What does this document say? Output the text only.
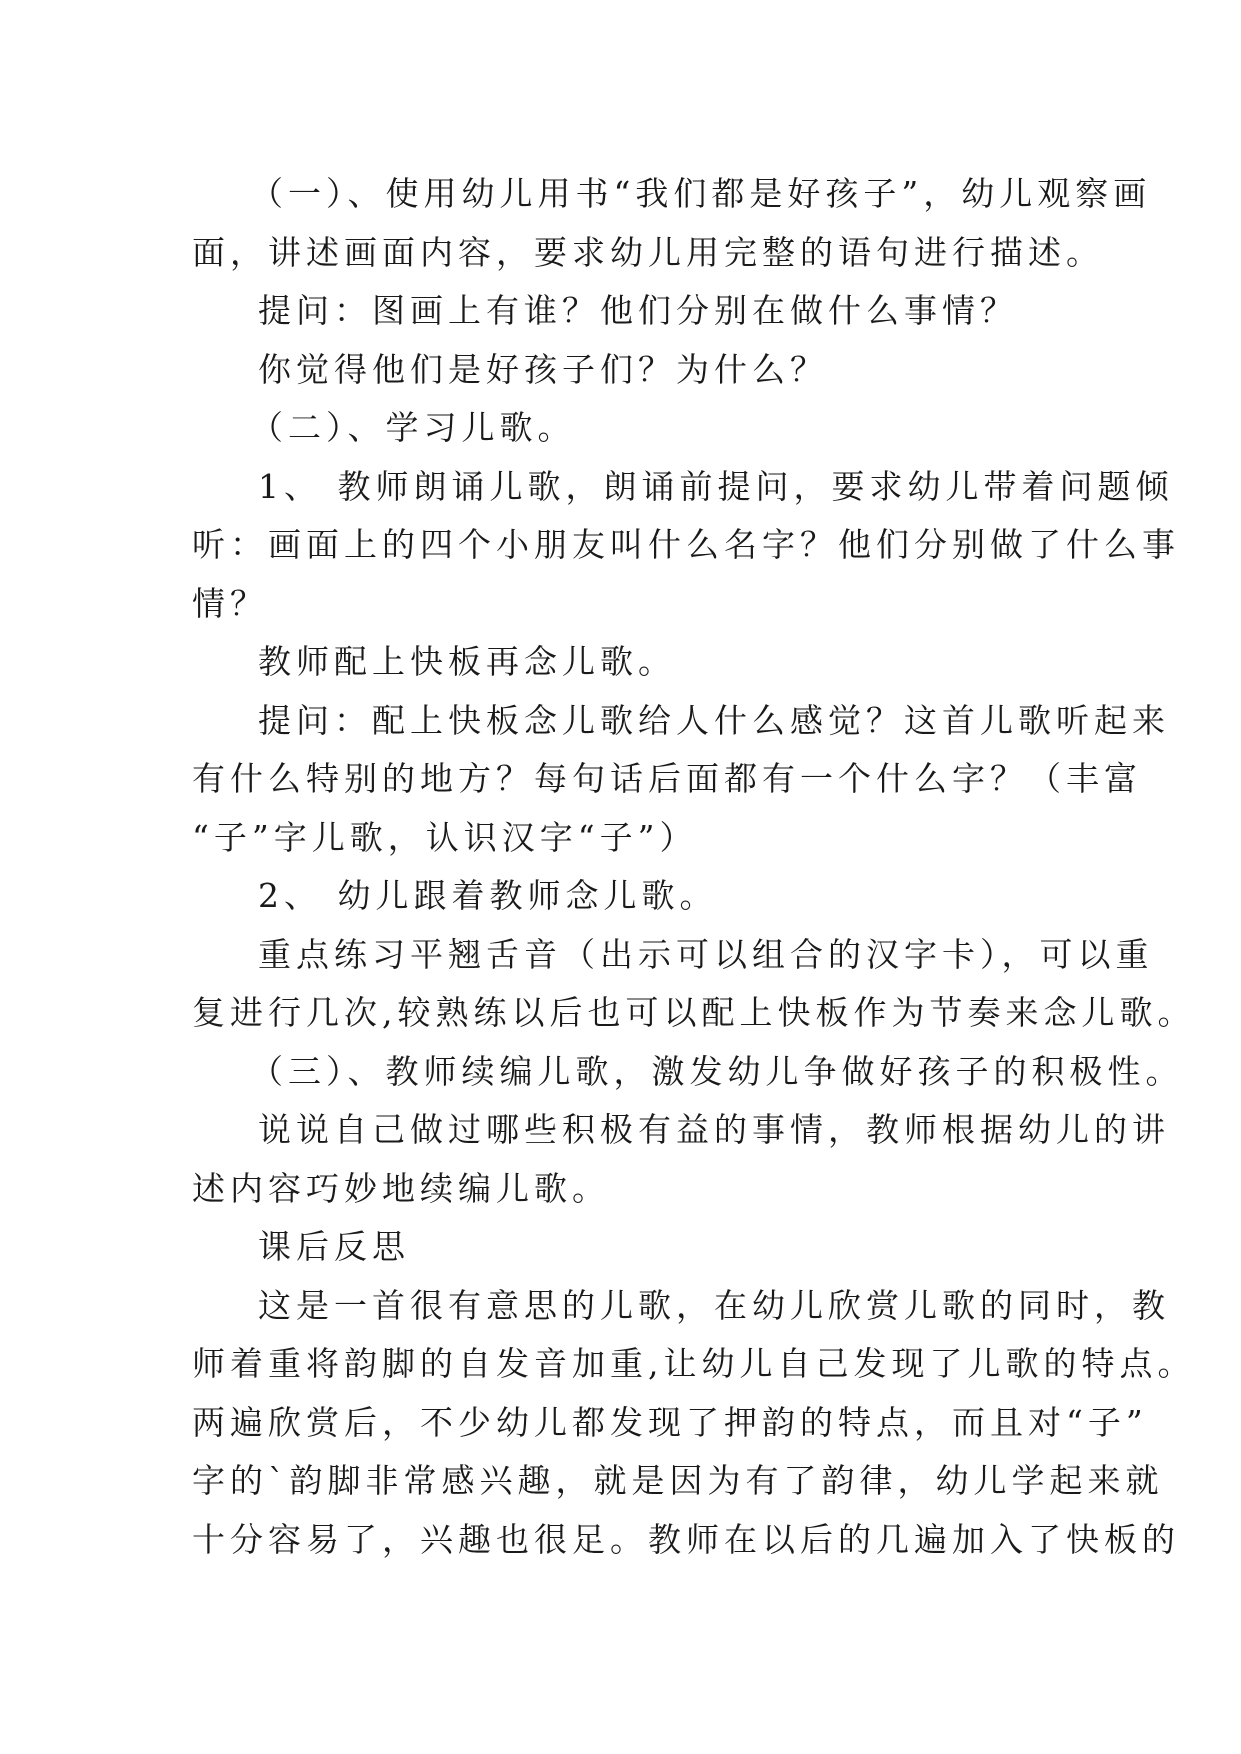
（一）、使用幼儿用书“我们都是好孩子”，幼儿观察画
面，讲述画面内容，要求幼儿用完整的语句进行描述。
提问：图画上有谁？他们分别在做什么事情？
你觉得他们是好孩子们？为什么？
（二）、学习儿歌。
1、 教师朗诵儿歌，朗诵前提问，要求幼儿带着问题倾
听：画面上的四个小朋友叫什么名字？他们分别做了什么事
情？
教师配上快板再念儿歌。
提问：配上快板念儿歌给人什么感觉？这首儿歌听起来
有什么特别的地方？每句话后面都有一个什么字？（丰富
“子”字儿歌，认识汉字“子”）
2、 幼儿跟着教师念儿歌。
重点练习平翘舌音（出示可以组合的汉字卡），可以重
复进行几次,较熟练以后也可以配上快板作为节奏来念儿歌。
（三）、教师续编儿歌，激发幼儿争做好孩子的积极性。
说说自己做过哪些积极有益的事情，教师根据幼儿的讲
述内容巧妙地续编儿歌。
课后反思
这是一首很有意思的儿歌，在幼儿欣赏儿歌的同时，教
师着重将韵脚的自发音加重,让幼儿自己发现了儿歌的特点。
两遍欣赏后，不少幼儿都发现了押韵的特点，而且对“子”
字的`韵脚非常感兴趣，就是因为有了韵律，幼儿学起来就
十分容易了，兴趣也很足。教师在以后的几遍加入了快板的
